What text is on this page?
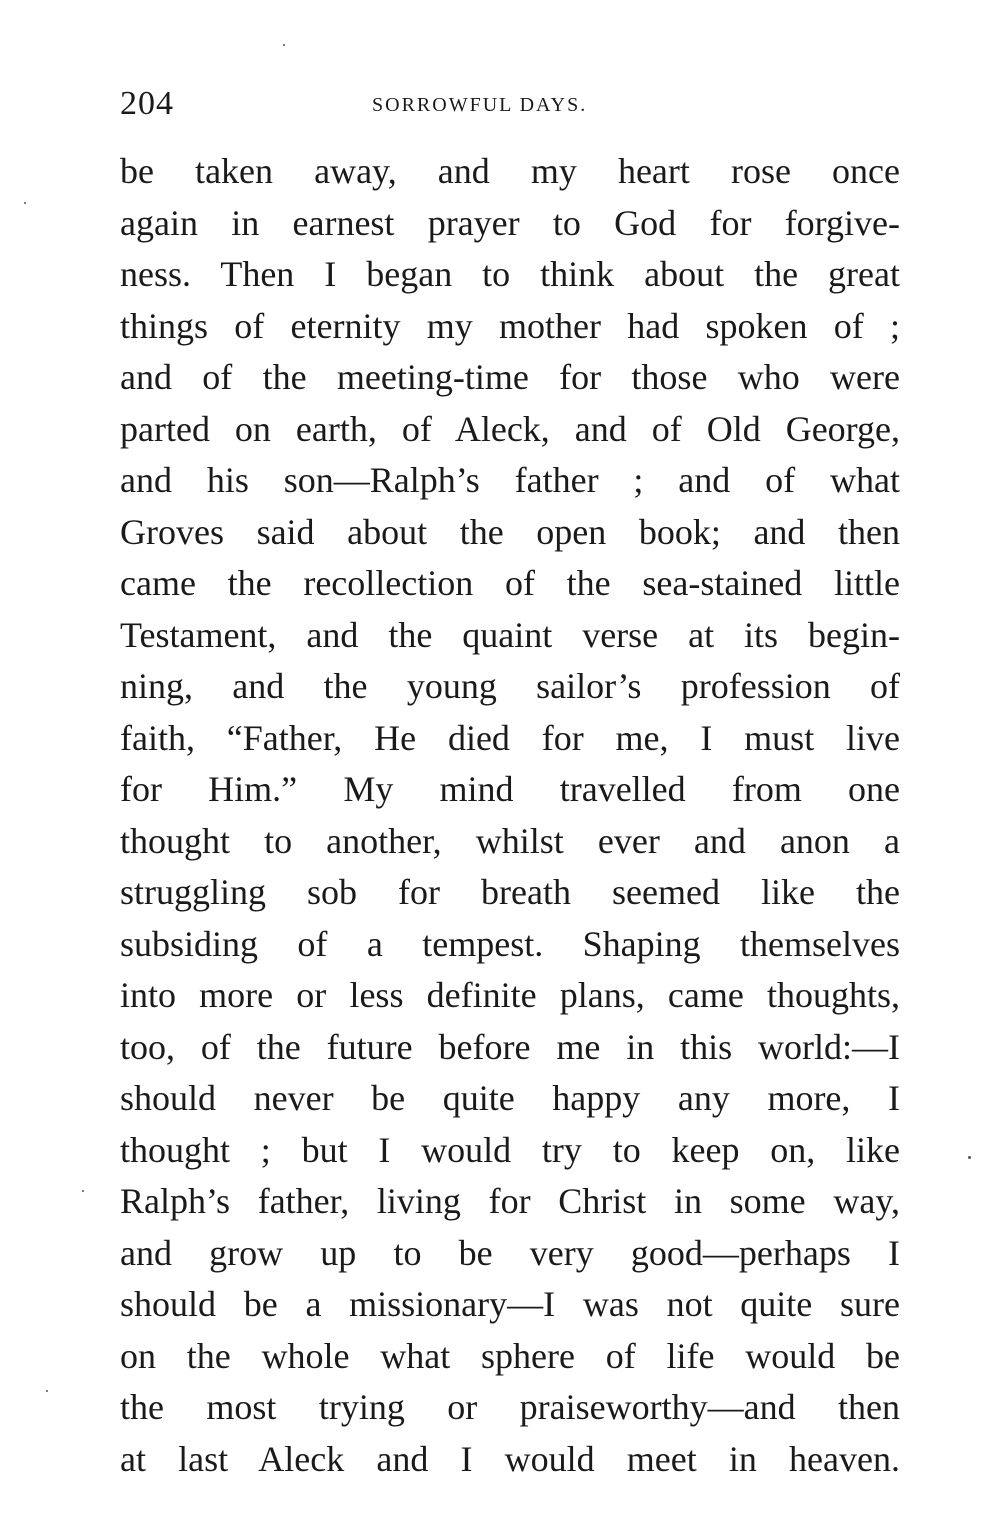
204	SORROWFUL DAYS.
be taken away, and my heart rose once
again in earnest prayer to God for forgive-
ness. Then I began to think about the great
things of eternity my mother had spoken of ;
and of the meeting-time for those who were
parted on earth, of Aleck, and of Old George,
and his son—Ralph’s father ; and of what
Groves said about the open book; and then
came the recollection of the sea-stained little
Testament, and the quaint verse at its begin-
ning, and the young sailor’s profession of
faith, “Father, He died for me, I must live
for Him.” My mind travelled from one
thought to another, whilst ever and anon a
struggling sob for breath seemed like the
subsiding of a tempest. Shaping themselves
into more or less definite plans, came thoughts,
too, of the future before me in this world:—I
should never be quite happy any more, I
thought ; but I would try to keep on, like
Ralph’s father, living for Christ in some way,
and grow up to be very good—perhaps I
should be a missionary—I was not quite sure
on the whole what sphere of life would be
the most trying or praiseworthy—and then
at last Aleck and I would meet in heaven.
